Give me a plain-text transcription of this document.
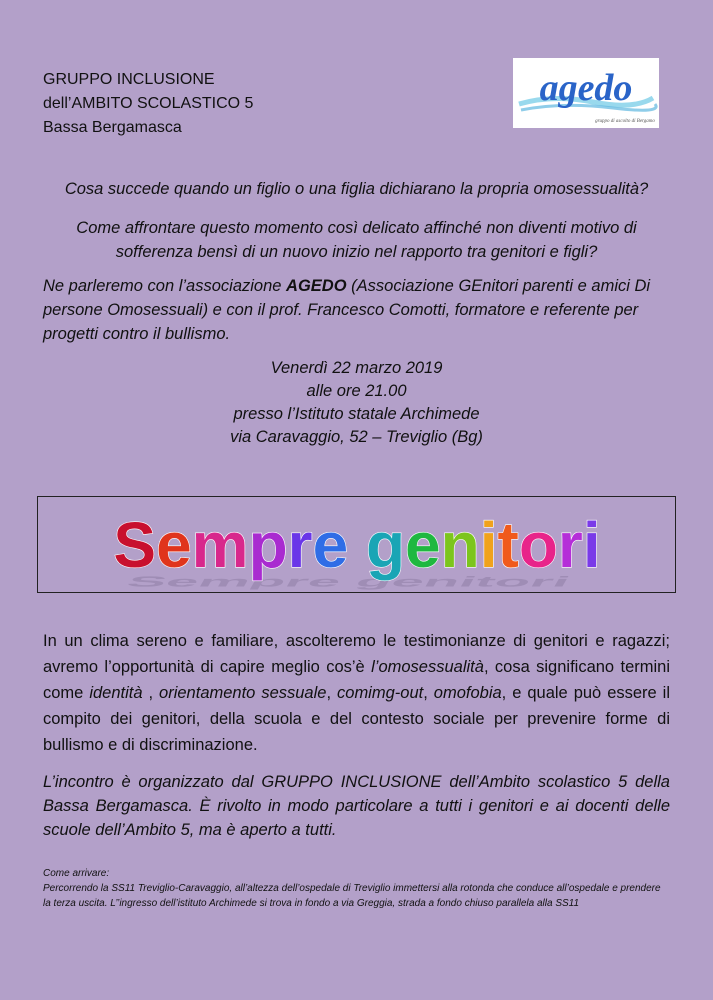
GRUPPO INCLUSIONE
dell’AMBITO SCOLASTICO 5
Bassa Bergamasca
agedo
gruppo di ascolto di Bergamo
Cosa succede quando un figlio o una figlia dichiarano la propria omosessualità?
Come affrontare questo momento così delicato affinché non diventi motivo di
sofferenza bensì di un nuovo inizio nel rapporto tra genitori e figli?
Ne parleremo con l’associazione AGEDO (Associazione GEnitori parenti e amici Di persone Omosessuali) e con il prof. Francesco Comotti, formatore e referente per progetti contro il bullismo.
Venerdì 22 marzo 2019
alle ore 21.00
presso l’Istituto statale Archimede
via Caravaggio, 52 – Treviglio (Bg)
Sempre genitori
Sempre genitori
In un clima sereno e familiare, ascolteremo le testimonianze di genitori e ragazzi; avremo l’opportunità di capire meglio cos’è l’omosessualità, cosa significano termini come identità , orientamento sessuale, comimg-out, omofobia, e quale può essere il compito dei genitori, della scuola e del contesto sociale per prevenire forme di bullismo e di discriminazione.
L’incontro è organizzato dal GRUPPO INCLUSIONE dell’Ambito scolastico 5 della Bassa Bergamasca. È rivolto in modo particolare a tutti i genitori e ai docenti delle scuole dell’Ambito 5, ma è aperto a tutti.
Come arrivare:
Percorrendo la SS11 Treviglio-Caravaggio, all’altezza dell’ospedale di Treviglio immettersi alla rotonda che conduce all’ospedale e prendere la terza uscita. L’’ingresso dell’istituto Archimede si trova in fondo a via Greggia, strada a fondo chiuso parallela alla SS11
